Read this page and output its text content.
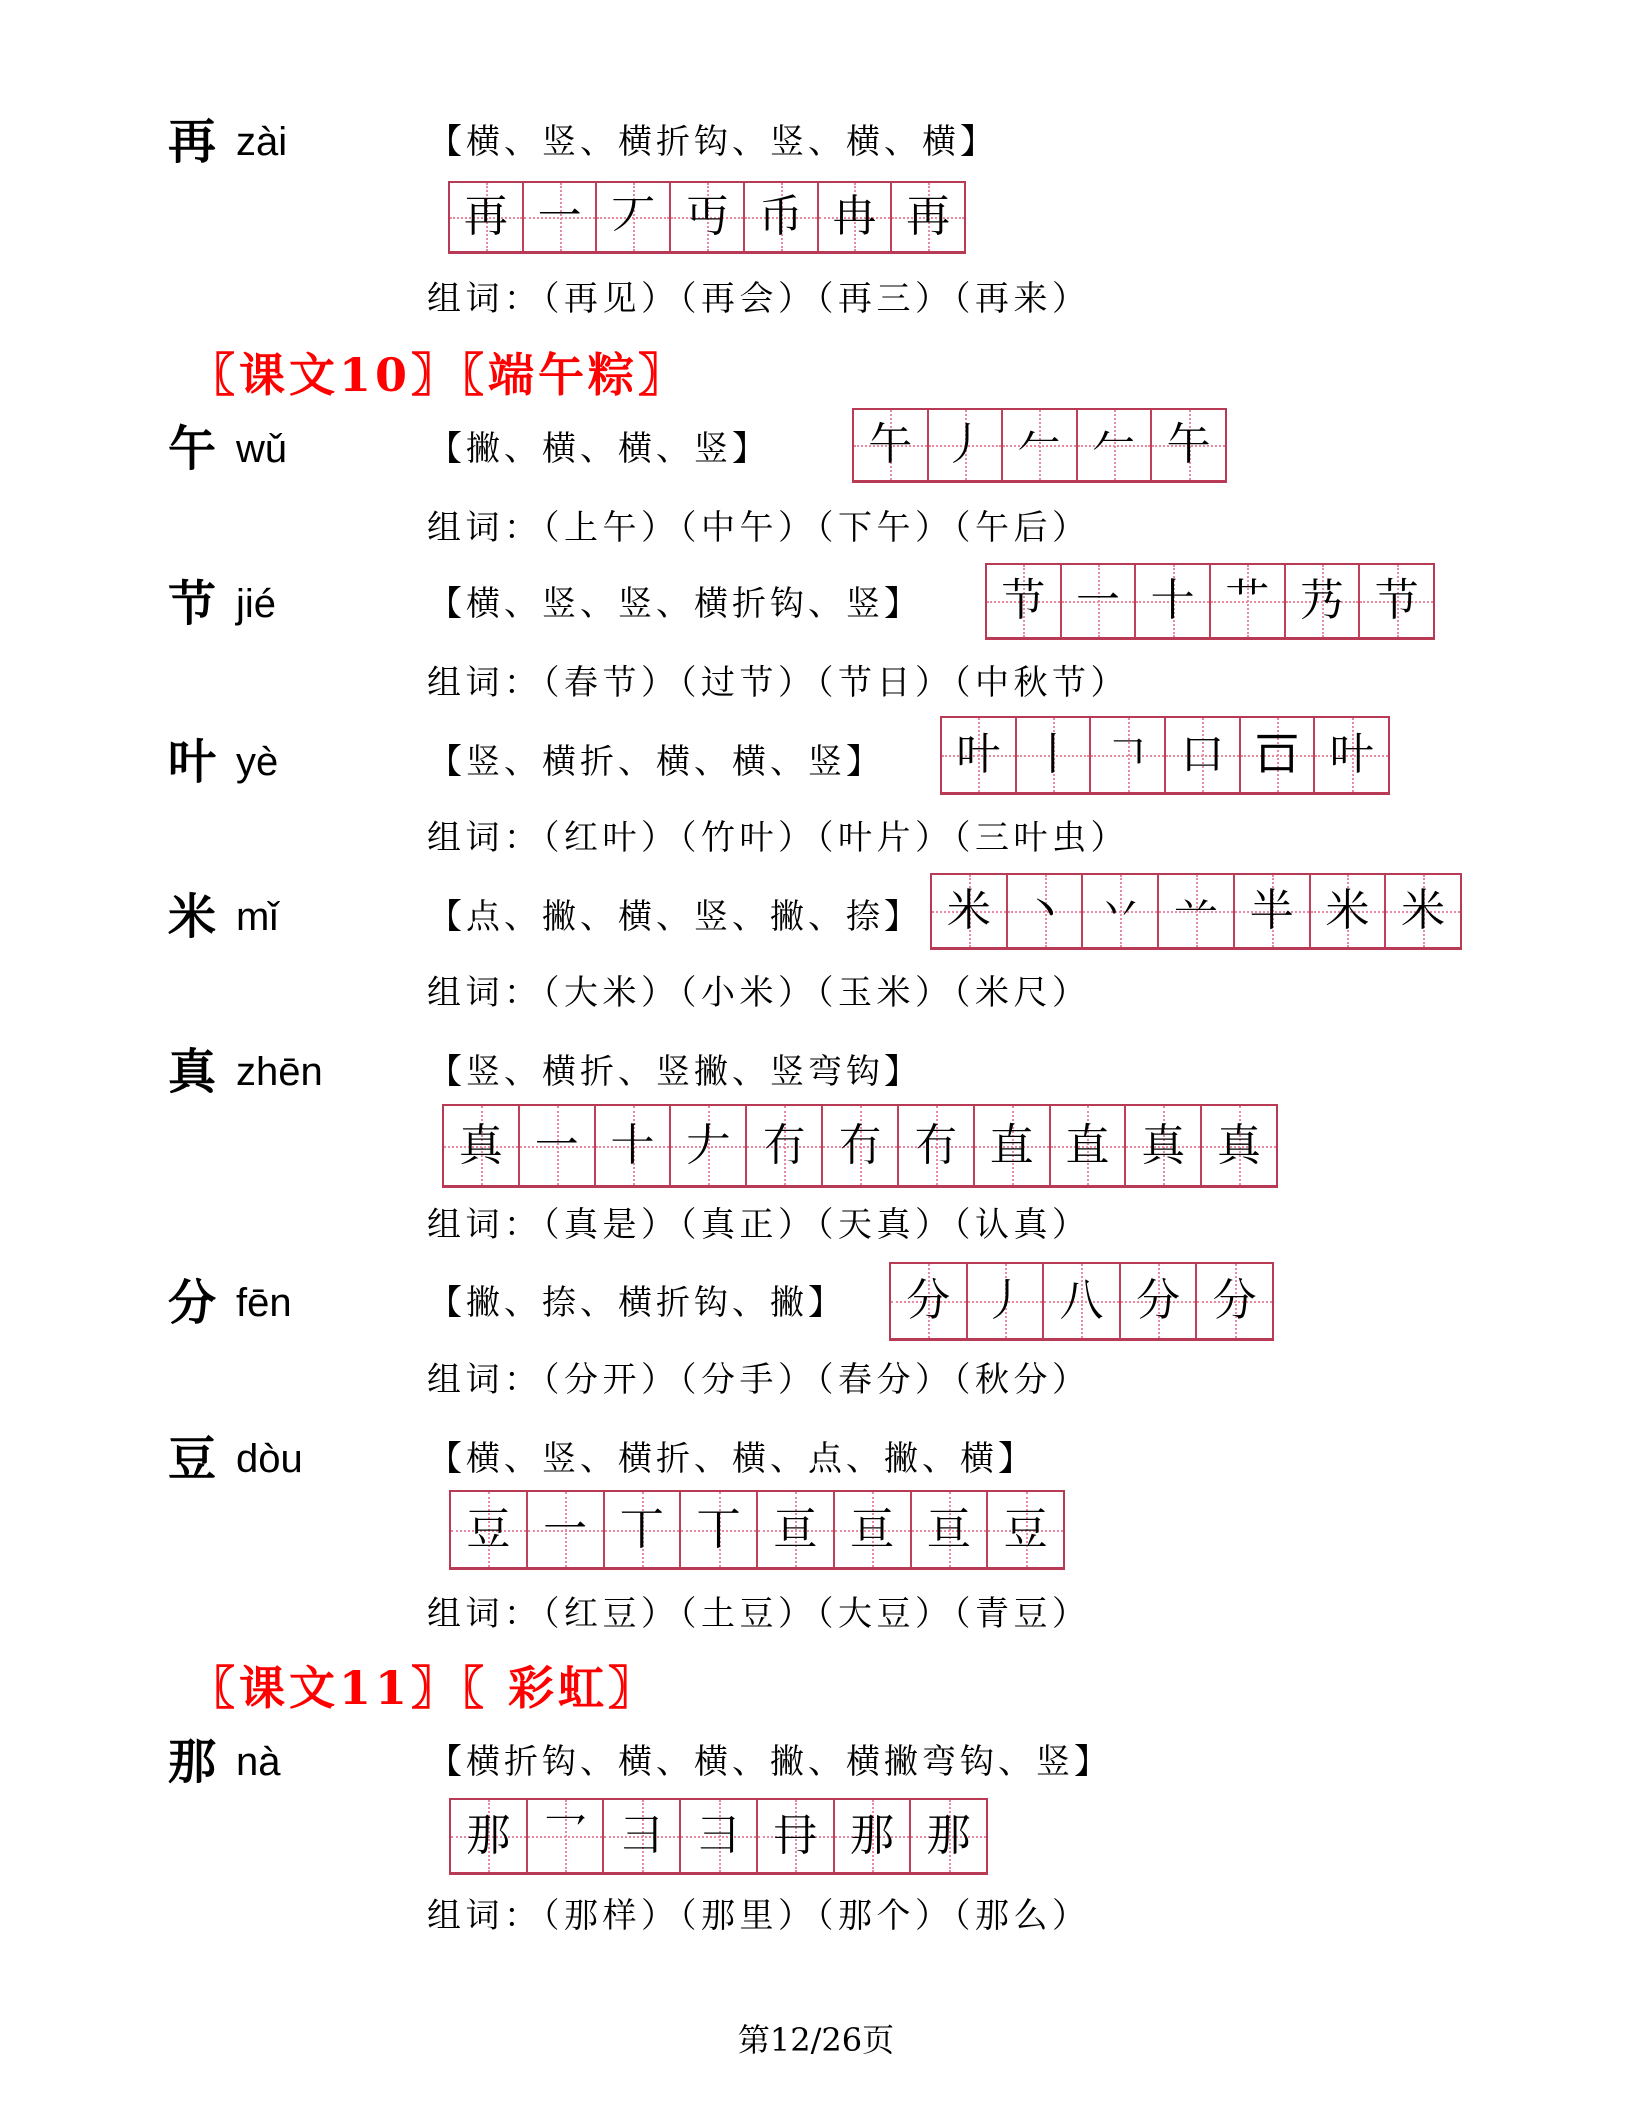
再 zài	【横、竖、横折钩、竖、横、横】
再 一 丆 丏 币 冉 再
组词：（再见）（再会）（再三）（再来）
〖课文10〗〖端午粽〗
午 wǔ	【撇、横、横、竖】 午 丿 𠂉 𠂉 午
组词：（上午）（中午）（下午）（午后）
节 jié	【横、竖、竖、横折钩、竖】 节 一 十 艹 艿 节
组词：（春节）（过节）（节日）（中秋节）
叶 yè	【竖、横折、横、横、竖】 叶 丨 𠃍 口 𠮛 叶
组词：（红叶）（竹叶）（叶片）（三叶虫）
米 mǐ	【点、撇、横、竖、撇、捺】 米 丶 丷 䒑 半 米 米
组词：（大米）（小米）（玉米）（米尺）
真 zhēn	【竖、横折、竖撇、竖弯钩】
真 一 十 𠂇 冇 冇 冇 直 直 真 真
组词：（真是）（真正）（天真）（认真）
分 fēn	【撇、捺、横折钩、撇】 分 丿 八 分 分
组词：（分开）（分手）（春分）（秋分）
豆 dòu	【横、竖、横折、横、点、撇、横】
豆 一 丅 丅 亘 亘 亘 豆
组词：（红豆）（土豆）（大豆）（青豆）
〖课文11〗〖 彩虹〗
那 nà	【横折钩、横、横、撇、横撇弯钩、竖】
那 乛 彐 彐 冄 那 那
组词：（那样）（那里）（那个）（那么）
第12/26页
